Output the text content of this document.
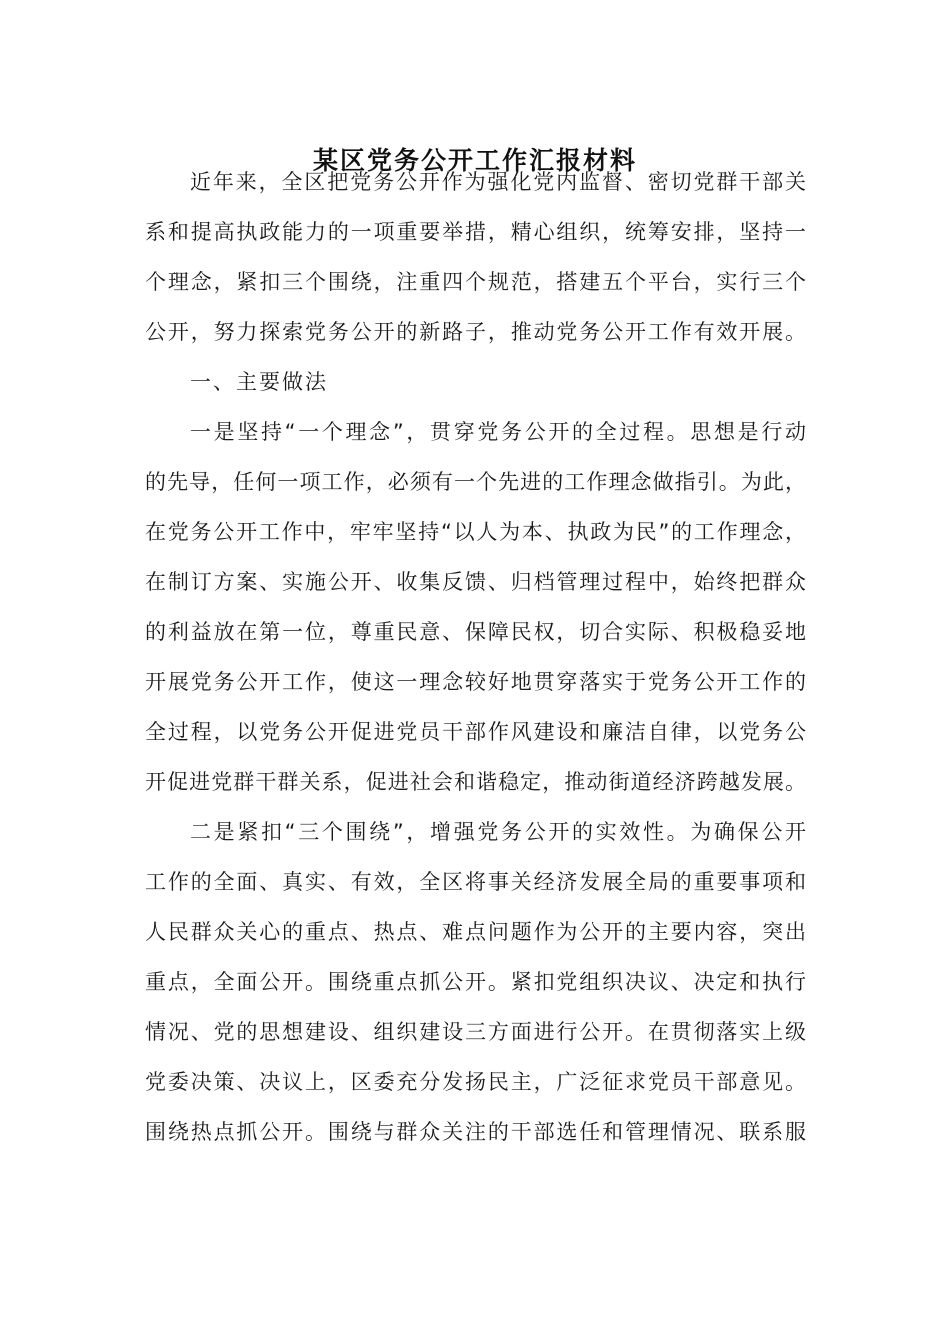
某区党务公开工作汇报材料
近年来，全区把党务公开作为强化党内监督、密切党群干部关
系和提高执政能力的一项重要举措，精心组织，统筹安排，坚持一
个理念，紧扣三个围绕，注重四个规范，搭建五个平台，实行三个
公开，努力探索党务公开的新路子，推动党务公开工作有效开展。
一、主要做法
一是坚持“一个理念”，贯穿党务公开的全过程。思想是行动
的先导，任何一项工作，必须有一个先进的工作理念做指引。为此，
在党务公开工作中，牢牢坚持“以人为本、执政为民”的工作理念，
在制订方案、实施公开、收集反馈、归档管理过程中，始终把群众
的利益放在第一位，尊重民意、保障民权，切合实际、积极稳妥地
开展党务公开工作，使这一理念较好地贯穿落实于党务公开工作的
全过程，以党务公开促进党员干部作风建设和廉洁自律，以党务公
开促进党群干群关系，促进社会和谐稳定，推动街道经济跨越发展。
二是紧扣“三个围绕”，增强党务公开的实效性。为确保公开
工作的全面、真实、有效，全区将事关经济发展全局的重要事项和
人民群众关心的重点、热点、难点问题作为公开的主要内容，突出
重点，全面公开。围绕重点抓公开。紧扣党组织决议、决定和执行
情况、党的思想建设、组织建设三方面进行公开。在贯彻落实上级
党委决策、决议上，区委充分发扬民主，广泛征求党员干部意见。
围绕热点抓公开。围绕与群众关注的干部选任和管理情况、联系服
